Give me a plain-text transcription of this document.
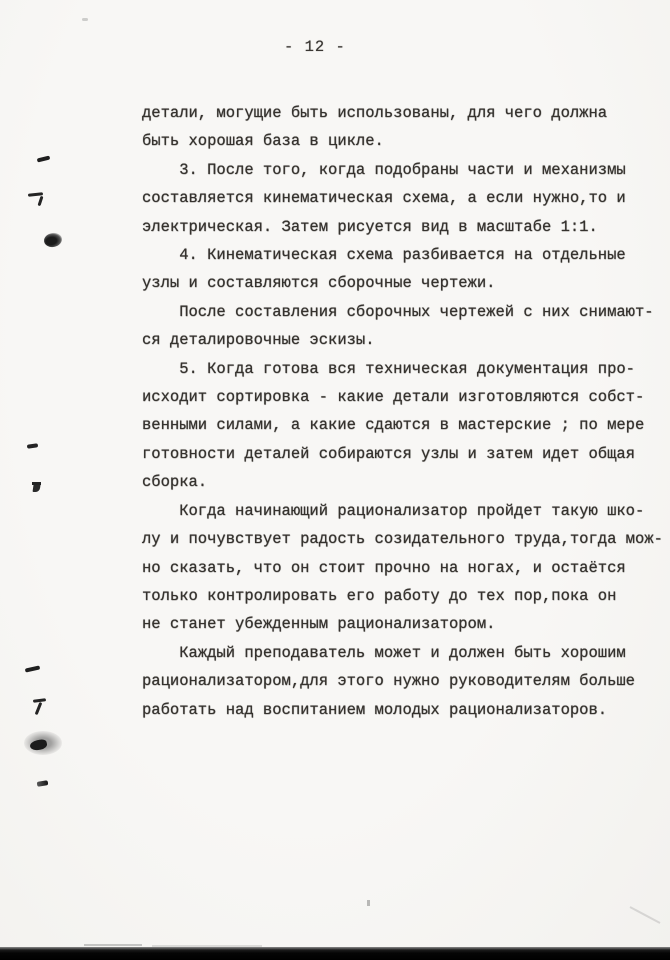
- 12 -
детали, могущие быть использованы, для чего должна
быть хорошая база в цикле.
3. После того, когда подобраны части и механизмы
составляется кинематическая схема, а если нужно,то и
электрическая. Затем рисуется вид в масштабе 1:1.
4. Кинематическая схема разбивается на отдельные
узлы и составляются сборочные чертежи.
После составления сборочных чертежей с них снимают-
ся деталировочные эскизы.
5. Когда готова вся техническая документация про-
исходит сортировка - какие детали изготовляются собст-
венными силами, а какие сдаются в мастерские ; по мере
готовности деталей собираются узлы и затем идет общая
сборка.
Когда начинающий рационализатор пройдет такую шко-
лу и почувствует радость созидательного труда,тогда мож-
но сказать, что он стоит прочно на ногах, и остаётся
только контролировать его работу до тех пор,пока он
не станет убежденным рационализатором.
Каждый преподаватель может и должен быть хорошим
рационализатором,для этого нужно руководителям больше
работать над воспитанием молодых рационализаторов.
